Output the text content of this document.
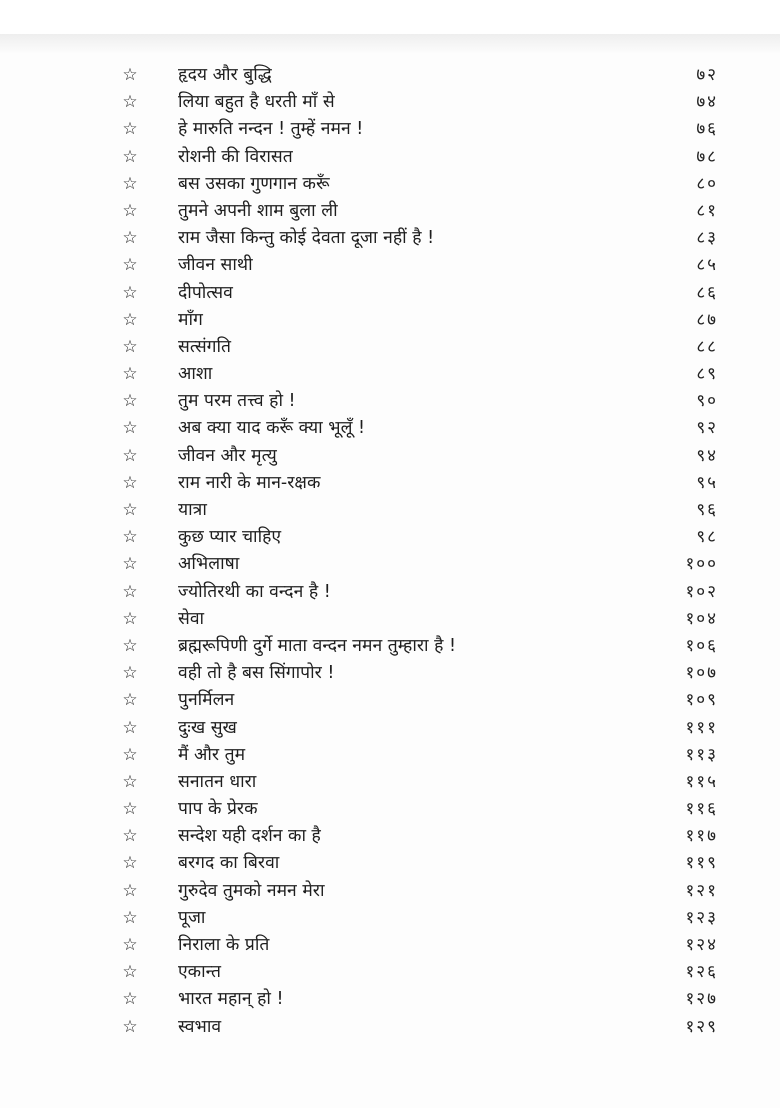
☆ हृदय और बुद्धि	७२
☆ लिया बहुत है धरती माँ से	७४
☆ हे मारुति नन्दन ! तुम्हें नमन !	७६
☆ रोशनी की विरासत	७८
☆ बस उसका गुणगान करूँ	८०
☆ तुमने अपनी शाम बुला ली	८१
☆ राम जैसा किन्तु कोई देवता दूजा नहीं है !	८३
☆ जीवन साथी	८५
☆ दीपोत्सव	८६
☆ माँग	८७
☆ सत्संगति	८८
☆ आशा	८९
☆ तुम परम तत्त्व हो !	९०
☆ अब क्या याद करूँ क्या भूलूँ !	९२
☆ जीवन और मृत्यु	९४
☆ राम नारी के मान-रक्षक	९५
☆ यात्रा	९६
☆ कुछ प्यार चाहिए	९८
☆ अभिलाषा	१००
☆ ज्योतिरथी का वन्दन है !	१०२
☆ सेवा	१०४
☆ ब्रह्मरूपिणी दुर्गे माता वन्दन नमन तुम्हारा है !	१०६
☆ वही तो है बस सिंगापोर !	१०७
☆ पुनर्मिलन	१०९
☆ दुःख सुख	१११
☆ मैं और तुम	११३
☆ सनातन धारा	११५
☆ पाप के प्रेरक	११६
☆ सन्देश यही दर्शन का है	११७
☆ बरगद का बिरवा	११९
☆ गुरुदेव तुमको नमन मेरा	१२१
☆ पूजा	१२३
☆ निराला के प्रति	१२४
☆ एकान्त	१२६
☆ भारत महान् हो !	१२७
☆ स्वभाव	१२९
